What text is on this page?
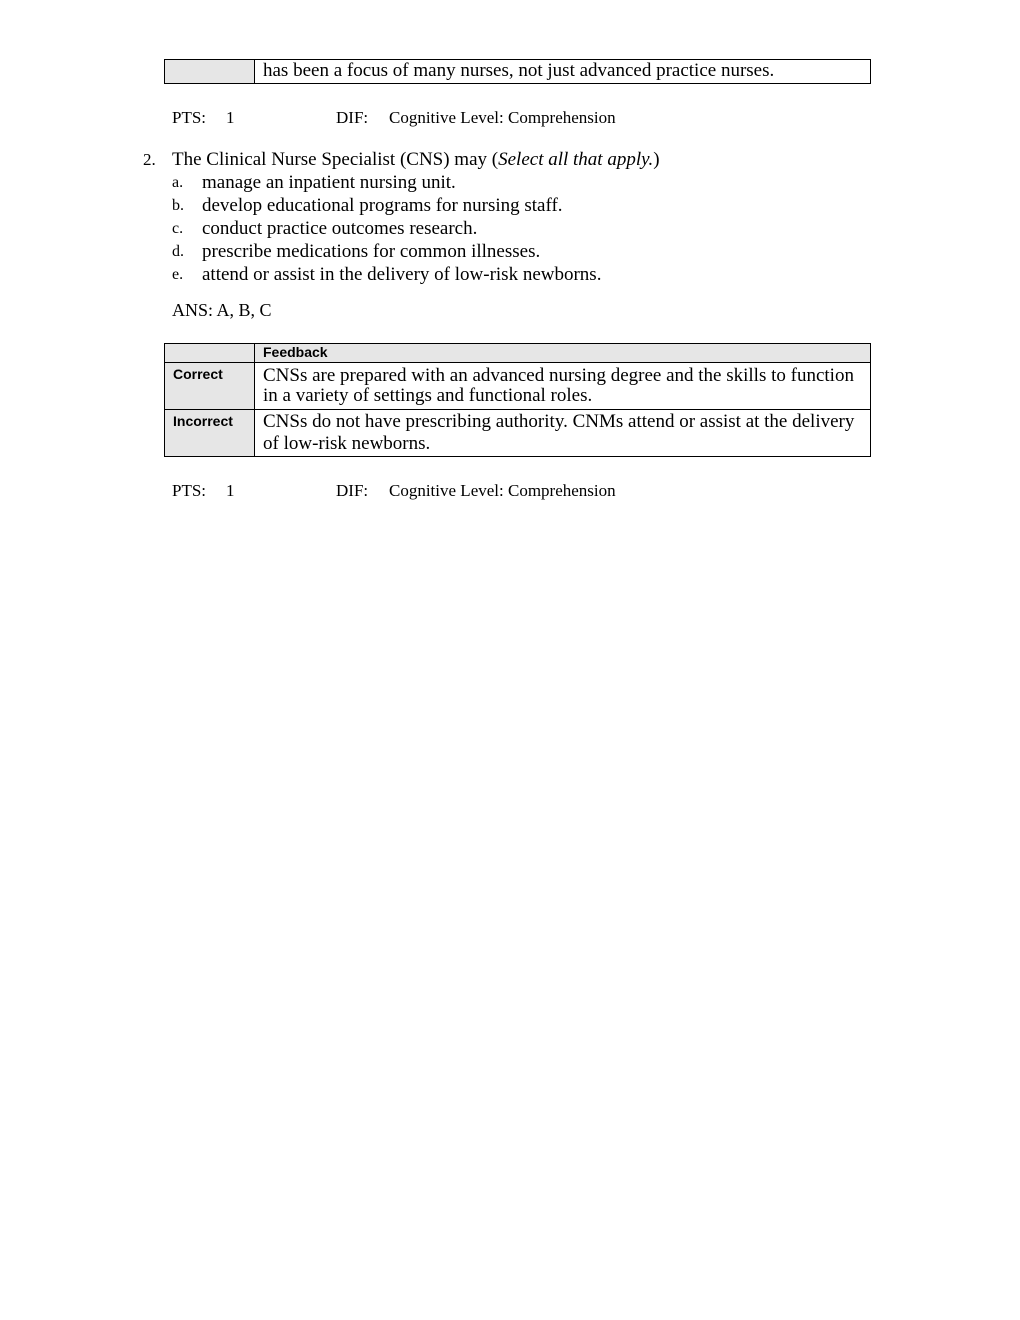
has been a focus of many nurses, not just advanced practice nurses.
PTS: 1	DIF: Cognitive Level: Comprehension
2. The Clinical Nurse Specialist (CNS) may (Select all that apply.)
a. manage an inpatient nursing unit.
b. develop educational programs for nursing staff.
c. conduct practice outcomes research.
d. prescribe medications for common illnesses.
e. attend or assist in the delivery of low-risk newborns.
ANS: A, B, C
Feedback
Correct	CNSs are prepared with an advanced nursing degree and the skills to function in a variety of settings and functional roles.
Incorrect	CNSs do not have prescribing authority. CNMs attend or assist at the delivery of low-risk newborns.
PTS: 1	DIF: Cognitive Level: Comprehension
